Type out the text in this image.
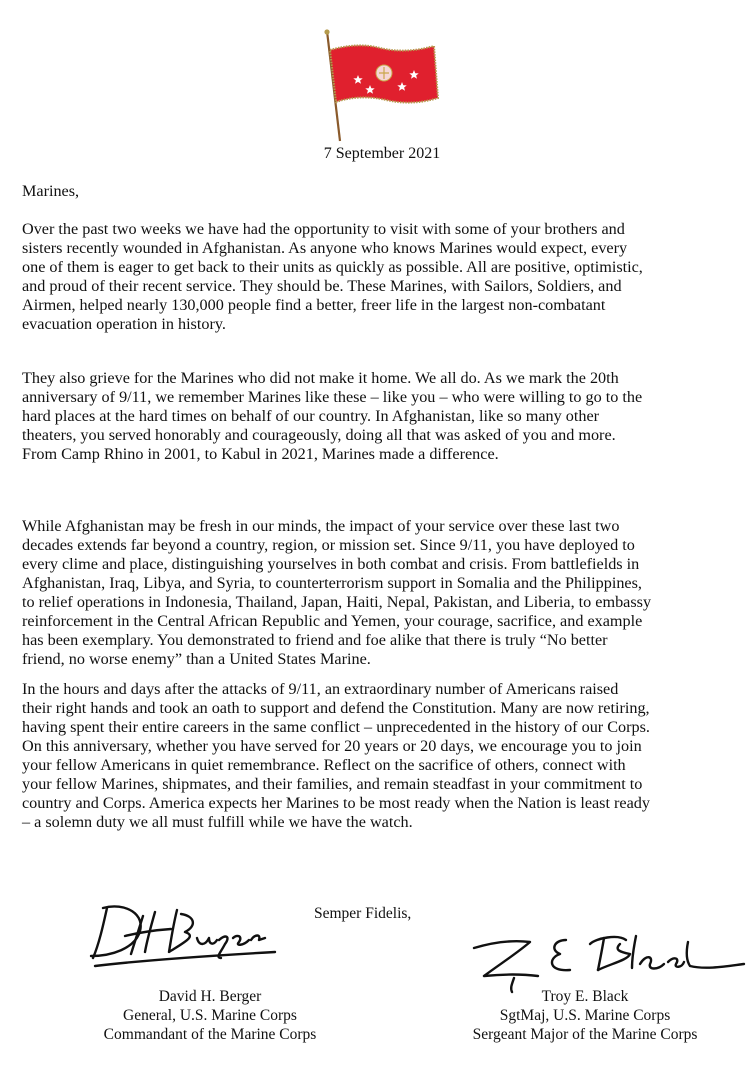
7 September 2021
Marines,

Over the past two weeks we have had the opportunity to visit with some of your brothers and
sisters recently wounded in Afghanistan. As anyone who knows Marines would expect, every
one of them is eager to get back to their units as quickly as possible. All are positive, optimistic,
and proud of their recent service. They should be. These Marines, with Sailors, Soldiers, and
Airmen, helped nearly 130,000 people find a better, freer life in the largest non-combatant
evacuation operation in history.

They also grieve for the Marines who did not make it home. We all do. As we mark the 20th
anniversary of 9/11, we remember Marines like these – like you – who were willing to go to the
hard places at the hard times on behalf of our country. In Afghanistan, like so many other
theaters, you served honorably and courageously, doing all that was asked of you and more.
From Camp Rhino in 2001, to Kabul in 2021, Marines made a difference.

While Afghanistan may be fresh in our minds, the impact of your service over these last two
decades extends far beyond a country, region, or mission set. Since 9/11, you have deployed to
every clime and place, distinguishing yourselves in both combat and crisis. From battlefields in
Afghanistan, Iraq, Libya, and Syria, to counterterrorism support in Somalia and the Philippines,
to relief operations in Indonesia, Thailand, Japan, Haiti, Nepal, Pakistan, and Liberia, to embassy
reinforcement in the Central African Republic and Yemen, your courage, sacrifice, and example
has been exemplary. You demonstrated to friend and foe alike that there is truly “No better
friend, no worse enemy” than a United States Marine.

In the hours and days after the attacks of 9/11, an extraordinary number of Americans raised
their right hands and took an oath to support and defend the Constitution. Many are now retiring,
having spent their entire careers in the same conflict – unprecedented in the history of our Corps.
On this anniversary, whether you have served for 20 years or 20 days, we encourage you to join
your fellow Americans in quiet remembrance. Reflect on the sacrifice of others, connect with
your fellow Marines, shipmates, and their families, and remain steadfast in your commitment to
country and Corps. America expects her Marines to be most ready when the Nation is least ready
– a solemn duty we all must fulfill while we have the watch.

Semper Fidelis,
David H. Berger
General, U.S. Marine Corps
Commandant of the Marine Corps
Troy E. Black
SgtMaj, U.S. Marine Corps
Sergeant Major of the Marine Corps
